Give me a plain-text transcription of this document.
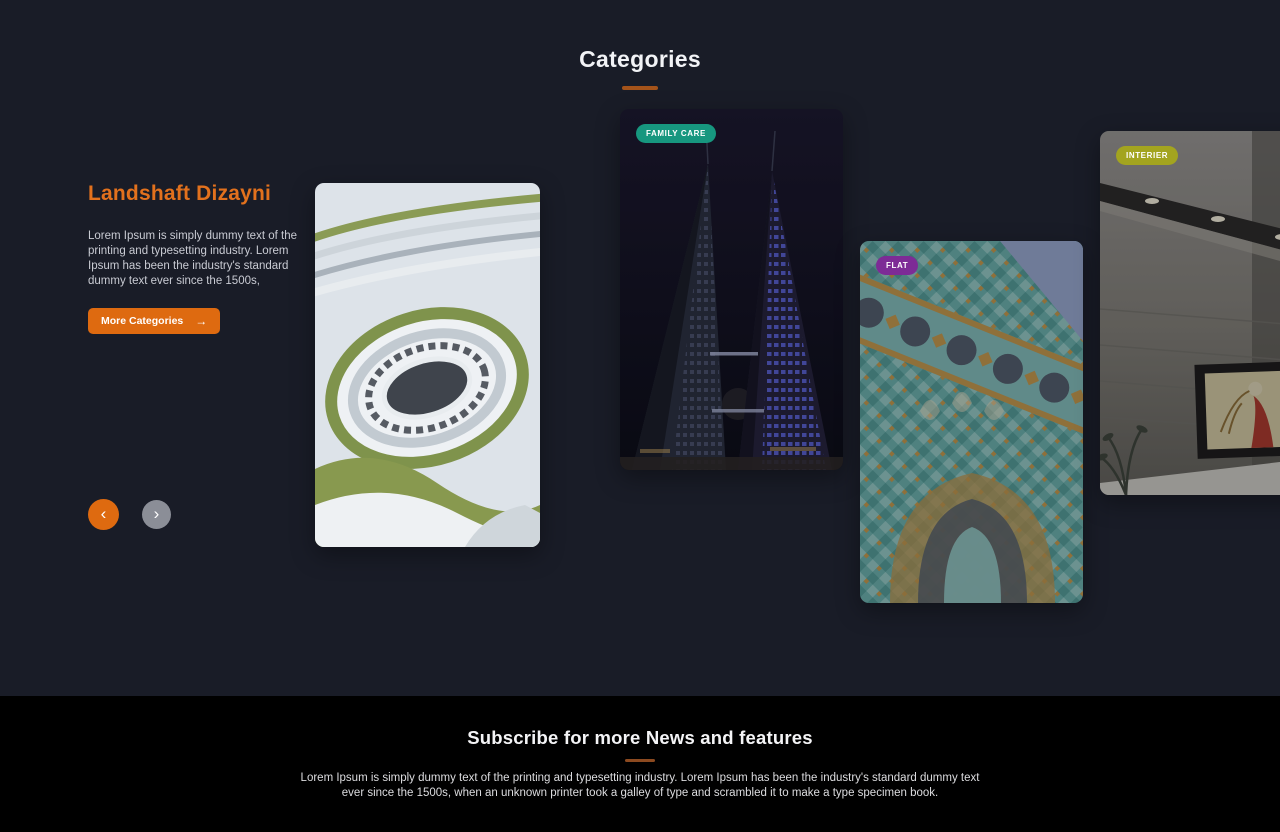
Categories
Landshaft Dizayni

Lorem Ipsum is simply dummy text of the printing and typesetting industry. Lorem Ipsum has been the industry's standard dummy text ever since the 1500s,

More Categories →
‹	›
FAMILY CARE
FLAT
INTERIER
Subscribe for more News and features

Lorem Ipsum is simply dummy text of the printing and typesetting industry. Lorem Ipsum has been the industry's standard dummy text ever since the 1500s, when an unknown printer took a galley of type and scrambled it to make a type specimen book.
